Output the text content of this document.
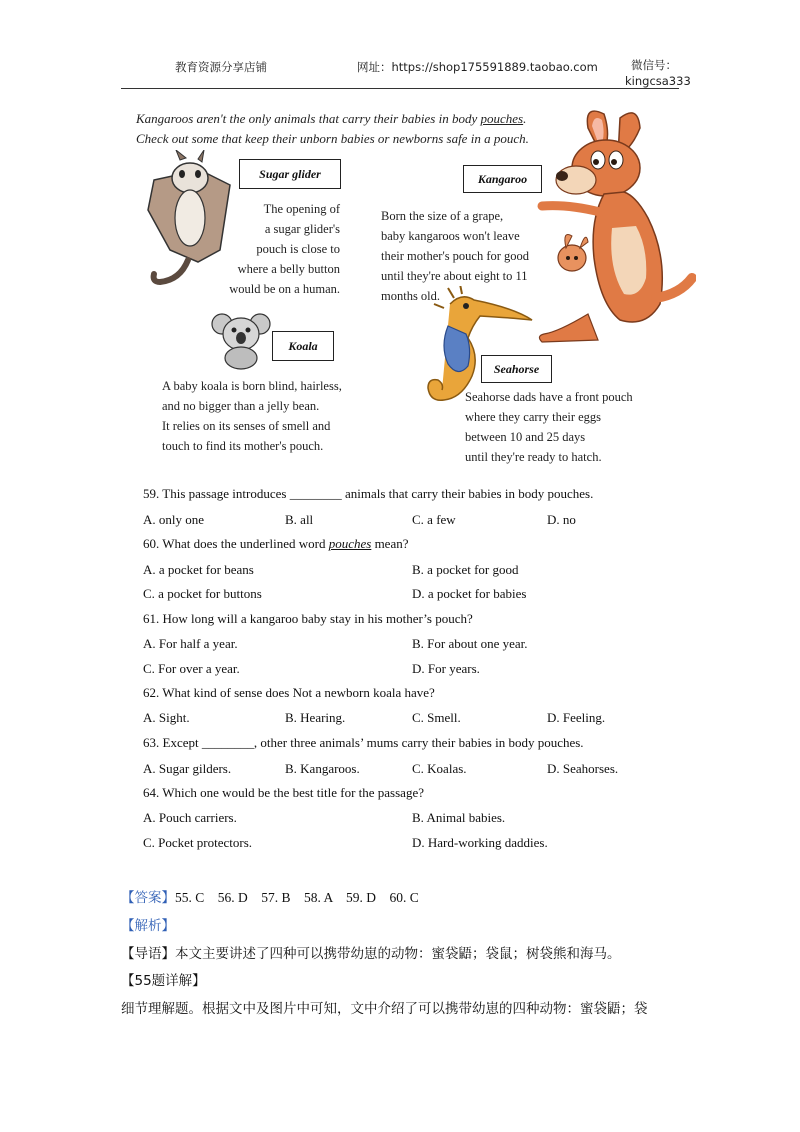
教育资源分享店铺	网址：https://shop175591889.taobao.com	微信号：
kingcsa333
Kangaroos aren't the only animals that carry their babies in body pouches.
Check out some that keep their unborn babies or newborns safe in a pouch.
Sugar glider
The opening of
a sugar glider's
pouch is close to
where a belly button
would be on a human.
Kangaroo
Born the size of a grape,
baby kangaroos won't leave
their mother's pouch for good
until they're about eight to 11
months old.
Koala
A baby koala is born blind, hairless,
and no bigger than a jelly bean.
It relies on its senses of smell and
touch to find its mother's pouch.
Seahorse
Seahorse dads have a front pouch
where they carry their eggs
between 10 and 25 days
until they're ready to hatch.
59. This passage introduces ________ animals that carry their babies in body pouches.
A. only one	B. all	C. a few	D. no
60. What does the underlined word pouches mean?
A. a pocket for beans	B. a pocket for good
C. a pocket for buttons	D. a pocket for babies
61. How long will a kangaroo baby stay in his mother’s pouch?
A. For half a year.	B. For about one year.
C. For over a year.	D. For years.
62. What kind of sense does Not a newborn koala have?
A. Sight.	B. Hearing.	C. Smell.	D. Feeling.
63. Except ________, other three animals’ mums carry their babies in body pouches.
A. Sugar gilders.	B. Kangaroos.	C. Koalas.	D. Seahorses.
64. Which one would be the best title for the passage?
A. Pouch carriers.	B. Animal babies.
C. Pocket protectors.	D. Hard-working daddies.
【答案】55. C    56. D    57. B    58. A    59. D    60. C
【解析】
【导语】本文主要讲述了四种可以携带幼崽的动物：蜜袋鼯；袋鼠；树袋熊和海马。
【55题详解】
细节理解题。根据文中及图片中可知，文中介绍了可以携带幼崽的四种动物：蜜袋鼯；袋
